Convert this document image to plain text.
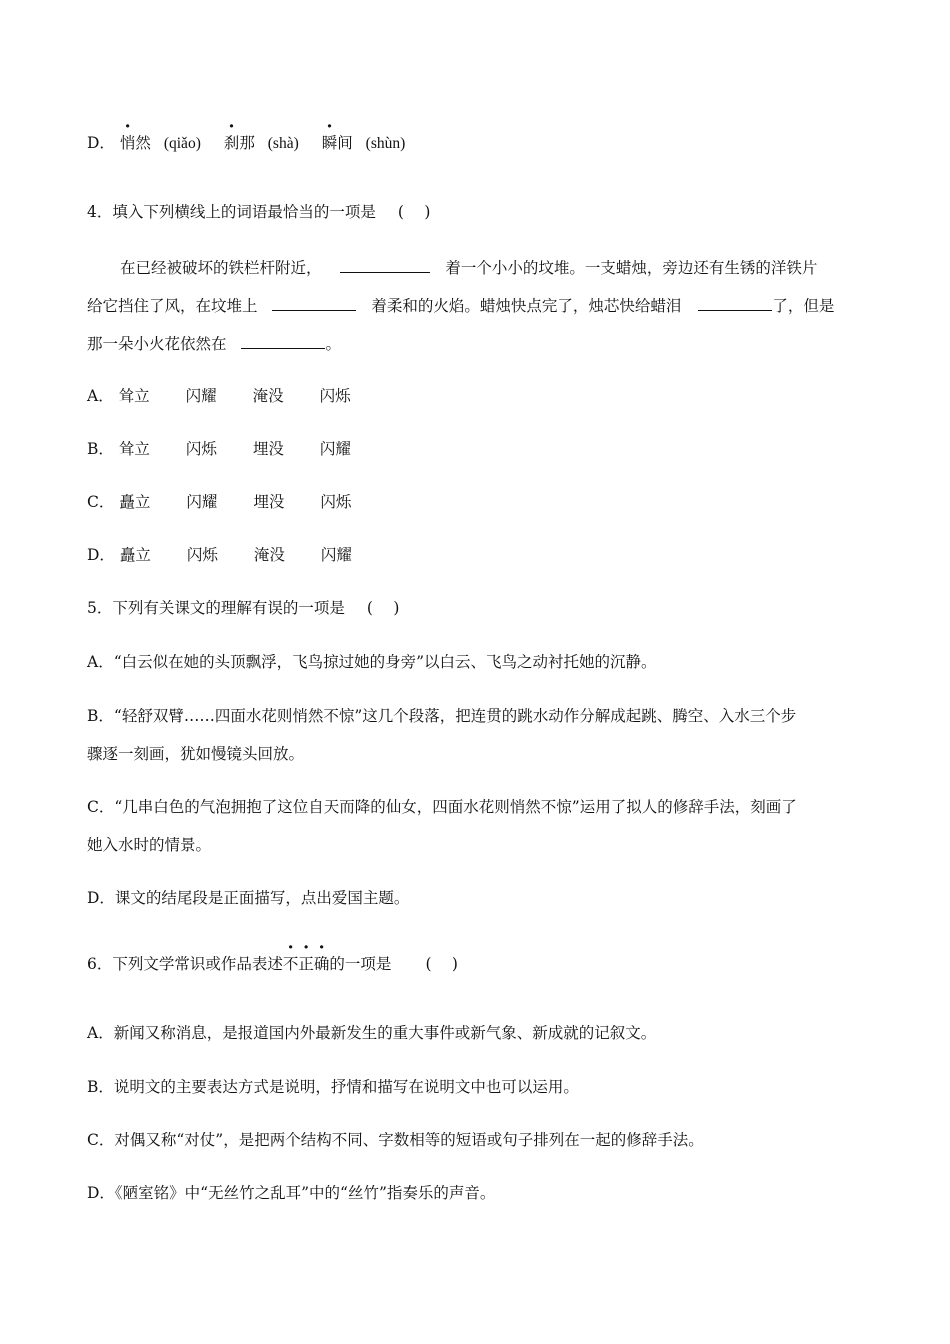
D． 悄然 (qiǎo) 刹那 (shà) 瞬间 (shùn)
4．填入下列横线上的词语最恰当的一项是 (　 )
在已经被破坏的铁栏杆附近，	着一个小小的坟堆。一支蜡烛，旁边还有生锈的洋铁片
给它挡住了风，在坟堆上	着柔和的火焰。蜡烛快点完了，烛芯快给蜡泪	了，但是
那一朵小火花依然在	。
A． 耸立 闪耀 淹没 闪烁
B． 耸立 闪烁 埋没 闪耀
C． 矗立 闪耀 埋没 闪烁
D． 矗立 闪烁 淹没 闪耀
5．下列有关课文的理解有误的一项是 (　 )
A．“白云似在她的头顶飘浮，飞鸟掠过她的身旁”以白云、飞鸟之动衬托她的沉静。
B．“轻舒双臂……四面水花则悄然不惊”这几个段落，把连贯的跳水动作分解成起跳、腾空、入水三个步
骤逐一刻画，犹如慢镜头回放。
C．“几串白色的气泡拥抱了这位自天而降的仙女，四面水花则悄然不惊”运用了拟人的修辞手法，刻画了
她入水时的情景。
D．课文的结尾段是正面描写，点出爱国主题。
6．下列文学常识或作品表述不正确的一项是 (　 )
A．新闻又称消息，是报道国内外最新发生的重大事件或新气象、新成就的记叙文。
B．说明文的主要表达方式是说明，抒情和描写在说明文中也可以运用。
C．对偶又称“对仗”，是把两个结构不同、字数相等的短语或句子排列在一起的修辞手法。
D．《陋室铭》中“无丝竹之乱耳”中的“丝竹”指奏乐的声音。
